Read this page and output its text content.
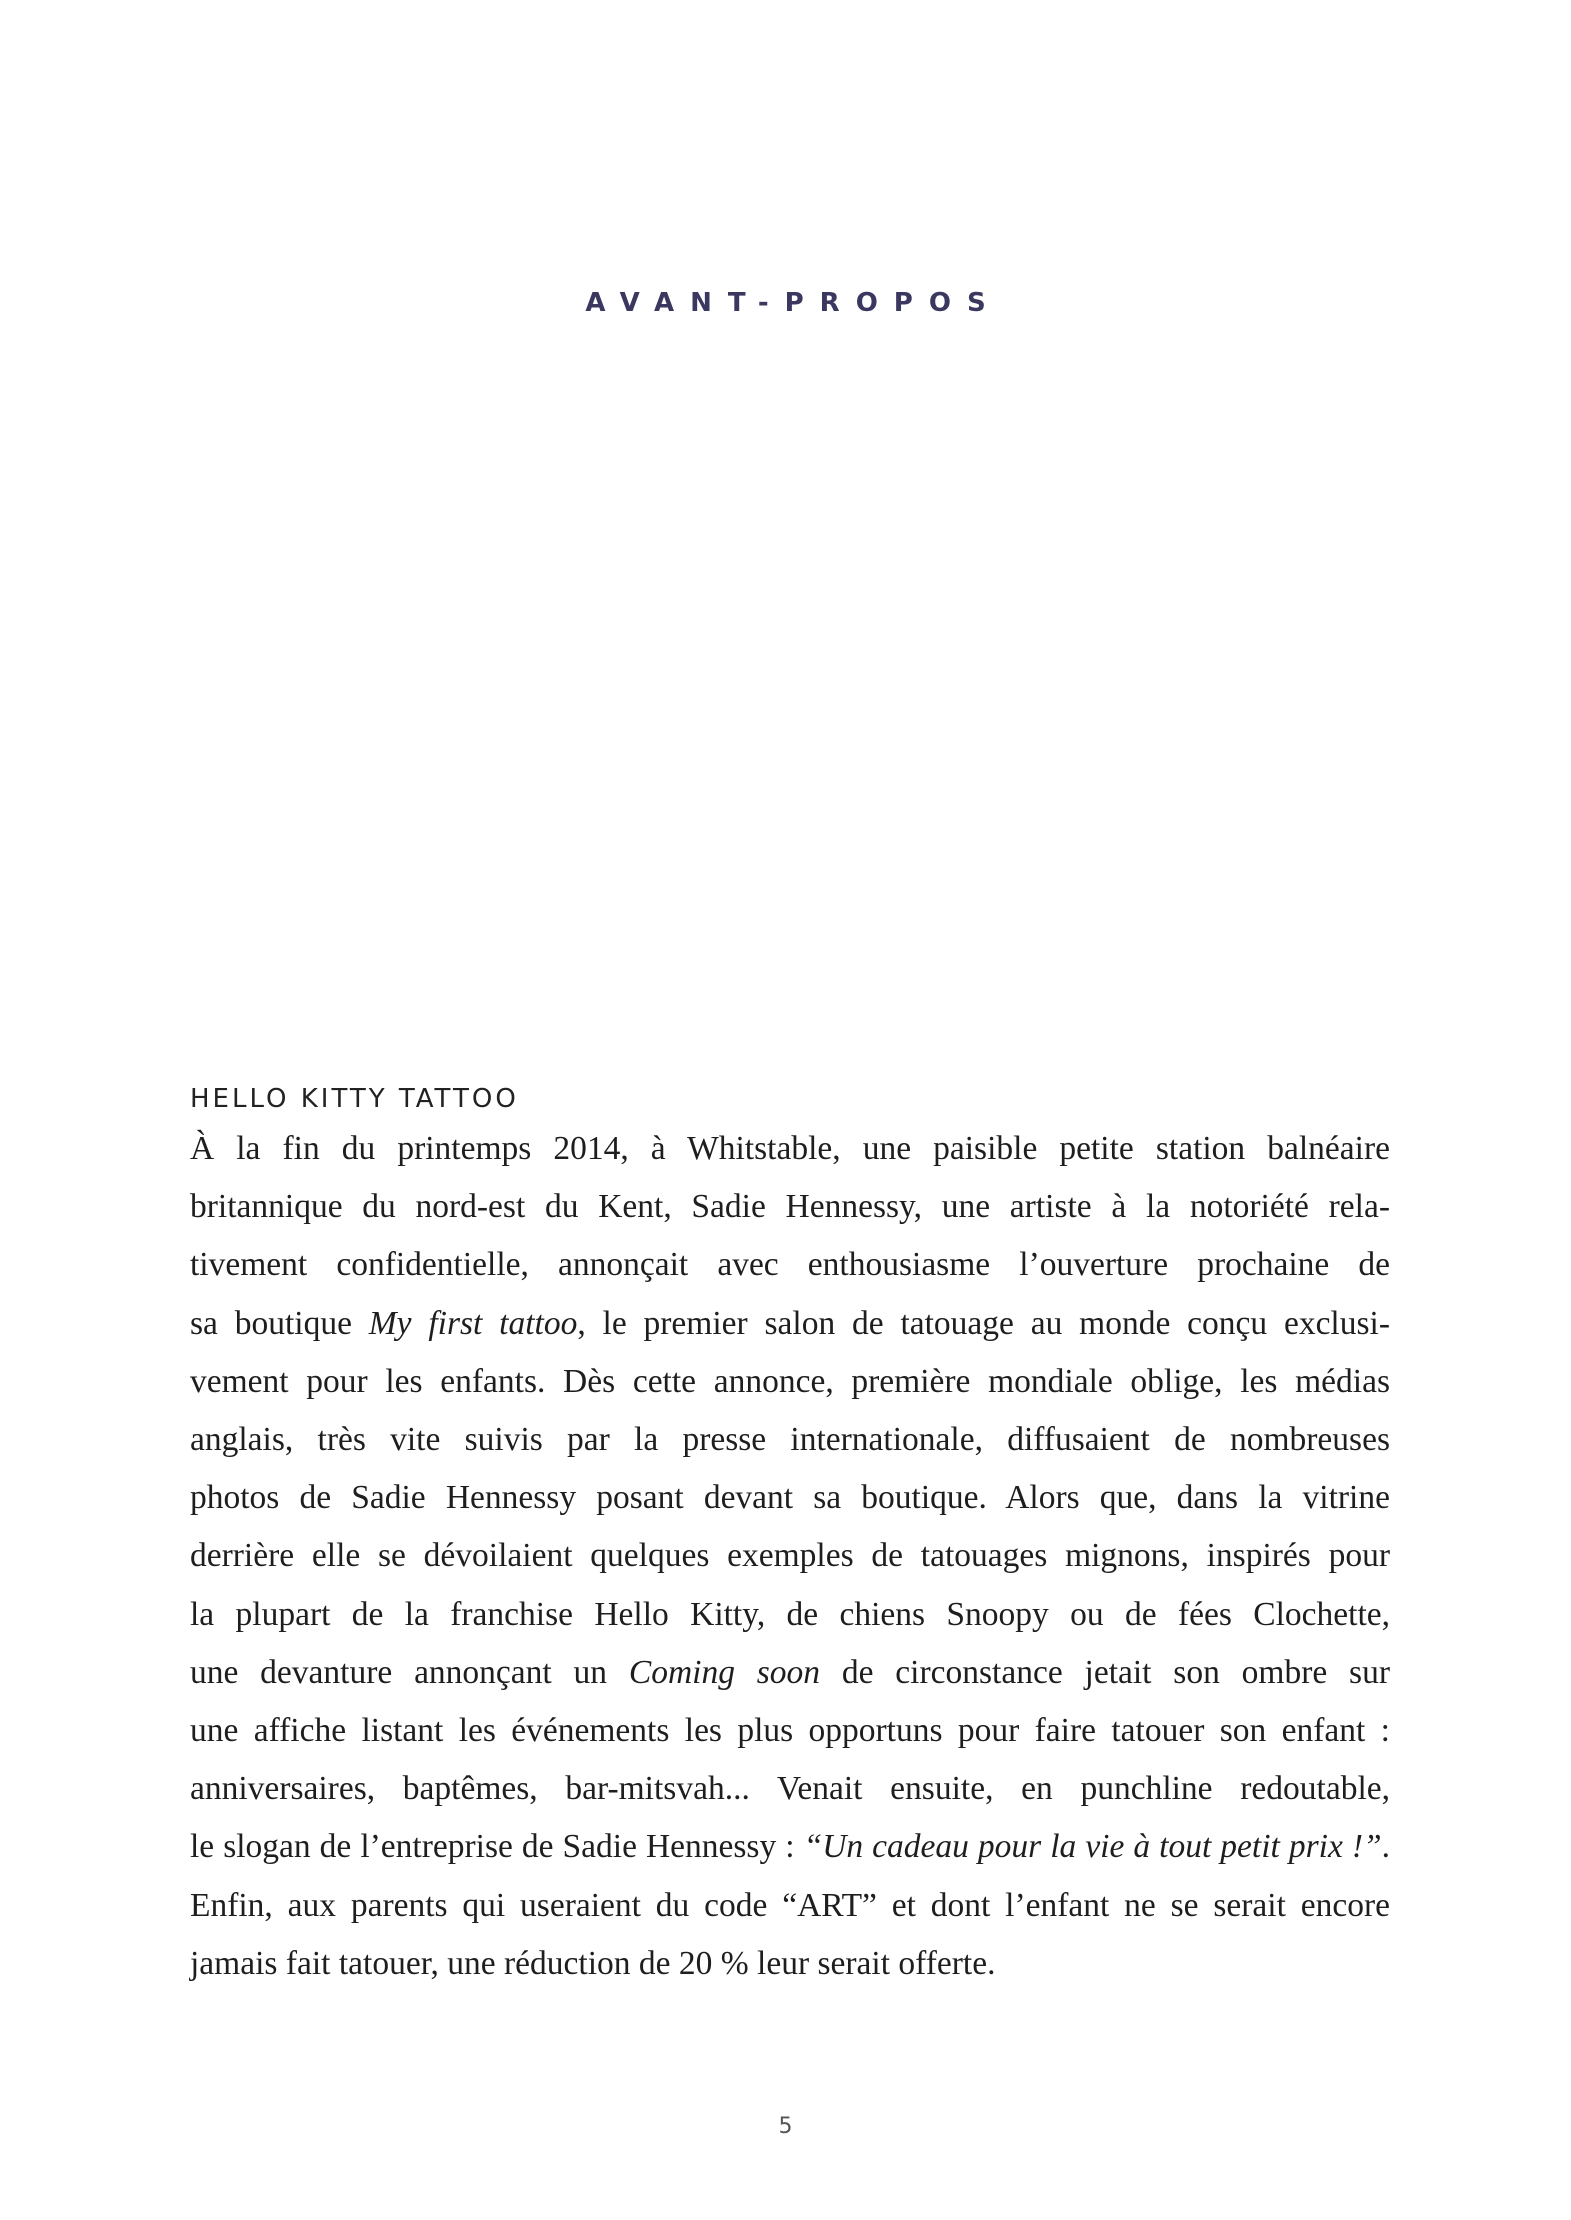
AVANT-PROPOS
HELLO KITTY TATTOO

À la fin du printemps 2014, à Whitstable, une paisible petite station balnéaire
britannique du nord-est du Kent, Sadie Hennessy, une artiste à la notoriété rela-
tivement confidentielle, annonçait avec enthousiasme l’ouverture prochaine de
sa boutique My first tattoo, le premier salon de tatouage au monde conçu exclusi-
vement pour les enfants. Dès cette annonce, première mondiale oblige, les médias
anglais, très vite suivis par la presse internationale, diffusaient de nombreuses
photos de Sadie Hennessy posant devant sa boutique. Alors que, dans la vitrine
derrière elle se dévoilaient quelques exemples de tatouages mignons, inspirés pour
la plupart de la franchise Hello Kitty, de chiens Snoopy ou de fées Clochette,
une devanture annonçant un Coming soon de circonstance jetait son ombre sur
une affiche listant les événements les plus opportuns pour faire tatouer son enfant :
anniversaires, baptêmes, bar-mitsvah... Venait ensuite, en punchline redoutable,
le slogan de l’entreprise de Sadie Hennessy : “Un cadeau pour la vie à tout petit prix !”.
Enfin, aux parents qui useraient du code “ART” et dont l’enfant ne se serait encore
jamais fait tatouer, une réduction de 20 % leur serait offerte.

5
